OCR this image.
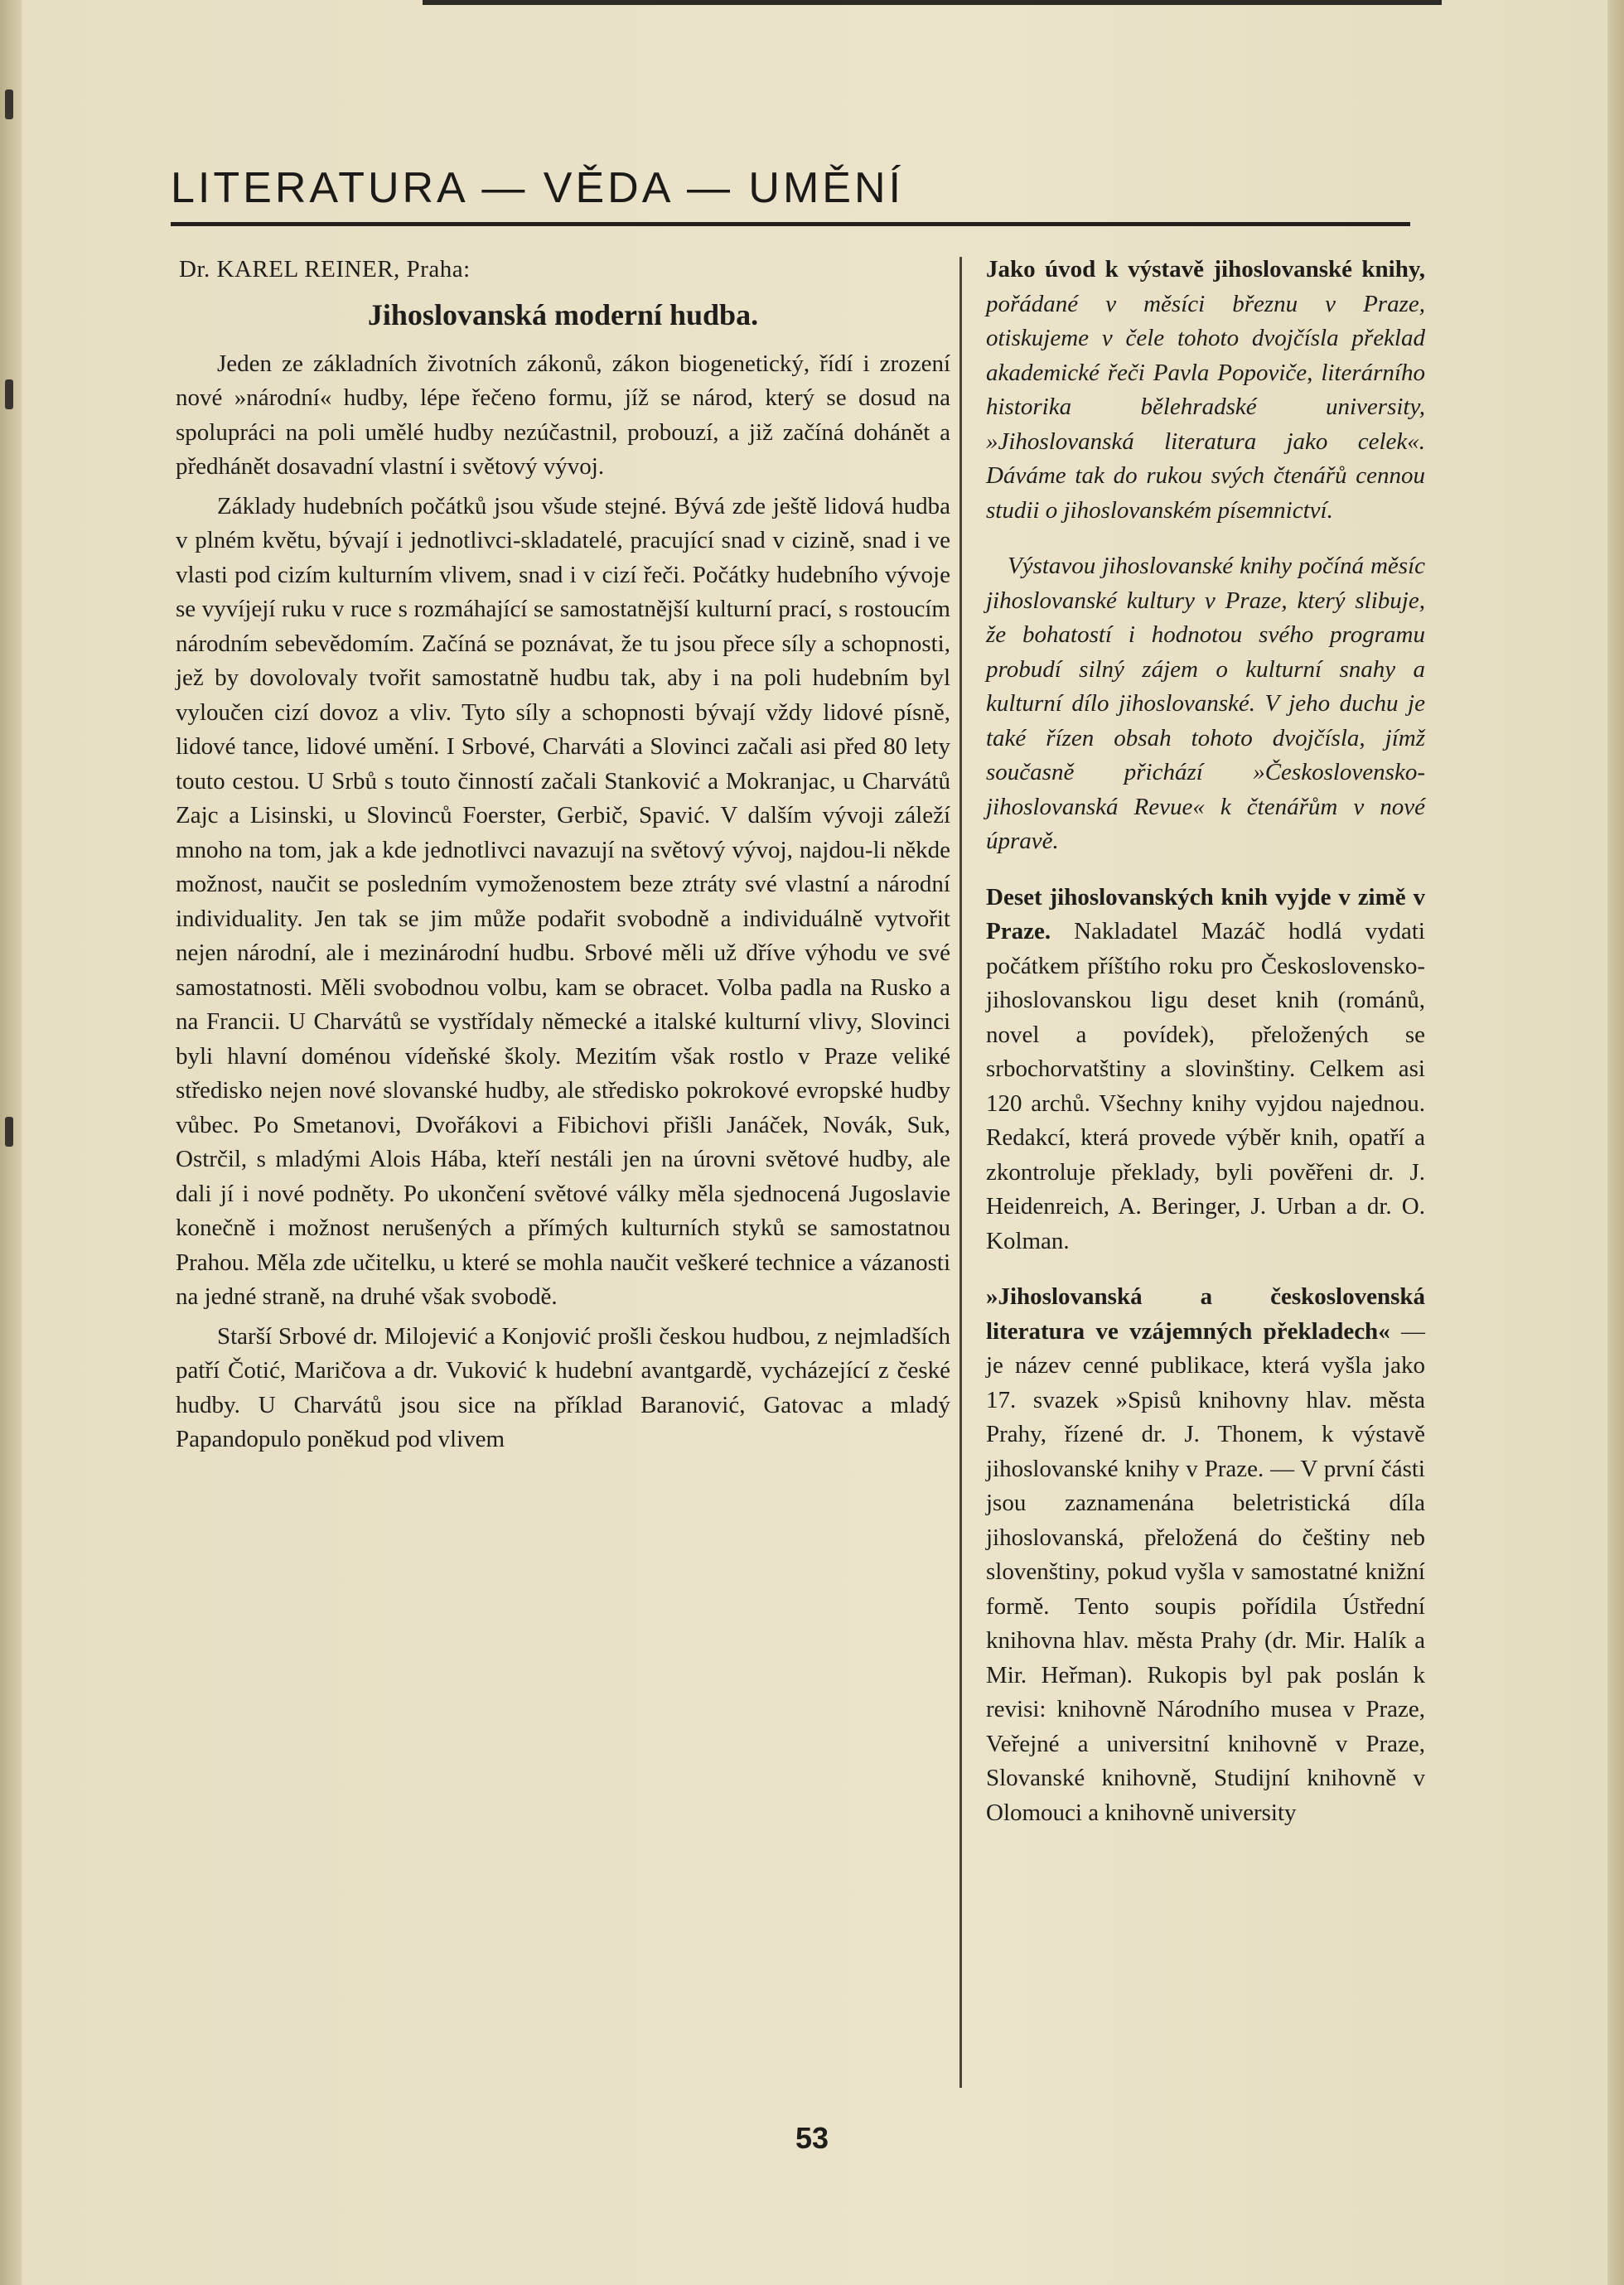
LITERATURA — VĚDA — UMĚNÍ

Dr. KAREL REINER, Praha:

Jihoslovanská moderní hudba.

Jeden ze základních životních zákonů, zákon biogenetický, řídí i zrození nové »národní« hudby, lépe řečeno formu, jíž se národ, který se dosud na spolupráci na poli umělé hudby nezúčastnil, probouzí, a již začíná dohánět a předhánět dosavadní vlastní i světový vývoj.

Základy hudebních počátků jsou všude stejné. Bývá zde ještě lidová hudba v plném květu, bývají i jednotlivci-skladatelé, pracující snad v cizině, snad i ve vlasti pod cizím kulturním vlivem, snad i v cizí řeči. Počátky hudebního vývoje se vyvíjejí ruku v ruce s rozmáhající se samostatnější kulturní prací, s rostoucím národním sebevědomím. Začíná se poznávat, že tu jsou přece síly a schopnosti, jež by dovolovaly tvořit samostatně hudbu tak, aby i na poli hudebním byl vyloučen cizí dovoz a vliv. Tyto síly a schopnosti bývají vždy lidové písně, lidové tance, lidové umění. I Srbové, Charváti a Slovinci začali asi před 80 lety touto cestou. U Srbů s touto činností začali Stanković a Mokranjac, u Charvátů Zajc a Lisinski, u Slovinců Foerster, Gerbič, Spavić. V dalším vývoji záleží mnoho na tom, jak a kde jednotlivci navazují na světový vývoj, najdou-li někde možnost, naučit se posledním vymoženostem beze ztráty své vlastní a národní individuality. Jen tak se jim může podařit svobodně a individuálně vytvořit nejen národní, ale i mezinárodní hudbu. Srbové měli už dříve výhodu ve své samostatnosti. Měli svobodnou volbu, kam se obracet. Volba padla na Rusko a na Francii. U Charvátů se vystřídaly německé a italské kulturní vlivy, Slovinci byli hlavní doménou vídeňské školy. Mezitím však rostlo v Praze veliké středisko nejen nové slovanské hudby, ale středisko pokrokové evropské hudby vůbec. Po Smetanovi, Dvořákovi a Fibichovi přišli Janáček, Novák, Suk, Ostrčil, s mladými Alois Hába, kteří nestáli jen na úrovni světové hudby, ale dali jí i nové podněty. Po ukončení světové války měla sjednocená Jugoslavie konečně i možnost nerušených a přímých kulturních styků se samostatnou Prahou. Měla zde učitelku, u které se mohla naučit veškeré technice a vázanosti na jedné straně, na druhé však svobodě.

Starší Srbové dr. Milojević a Konjović prošli českou hudbou, z nejmladších patří Čotić, Maričova a dr. Vuković k hudební avantgardě, vycházející z české hudby. U Charvátů jsou sice na příklad Baranović, Gatovac a mladý Papandopulo poněkud pod vlivem

Jako úvod k výstavě jihoslovanské knihy, pořádané v měsíci březnu v Praze, otiskujeme v čele tohoto dvojčísla překlad akademické řeči Pavla Popoviče, literárního historika bělehradské university, »Jihoslovanská literatura jako celek«. Dáváme tak do rukou svých čtenářů cennou studii o jihoslovanském písemnictví.

Výstavou jihoslovanské knihy počíná měsíc jihoslovanské kultury v Praze, který slibuje, že bohatostí i hodnotou svého programu probudí silný zájem o kulturní snahy a kulturní dílo jihoslovanské. V jeho duchu je také řízen obsah tohoto dvojčísla, jímž současně přichází »Československo-jihoslovanská Revue« k čtenářům v nové úpravě.

Deset jihoslovanských knih vyjde v zimě v Praze. Nakladatel Mazáč hodlá vydati počátkem příštího roku pro Československo-jihoslovanskou ligu deset knih (románů, novel a povídek), přeložených se srbochorvatštiny a slovinštiny. Celkem asi 120 archů. Všechny knihy vyjdou najednou. Redakcí, která provede výběr knih, opatří a zkontroluje překlady, byli pověřeni dr. J. Heidenreich, A. Beringer, J. Urban a dr. O. Kolman.

»Jihoslovanská a československá literatura ve vzájemných překladech« — je název cenné publikace, která vyšla jako 17. svazek »Spisů knihovny hlav. města Prahy, řízené dr. J. Thonem, k výstavě jihoslovanské knihy v Praze. — V první části jsou zaznamenána beletristická díla jihoslovanská, přeložená do češtiny neb slovenštiny, pokud vyšla v samostatné knižní formě. Tento soupis pořídila Ústřední knihovna hlav. města Prahy (dr. Mir. Halík a Mir. Heřman). Rukopis byl pak poslán k revisi: knihovně Národního musea v Praze, Veřejné a universitní knihovně v Praze, Slovanské knihovně, Studijní knihovně v Olomouci a knihovně university

53
